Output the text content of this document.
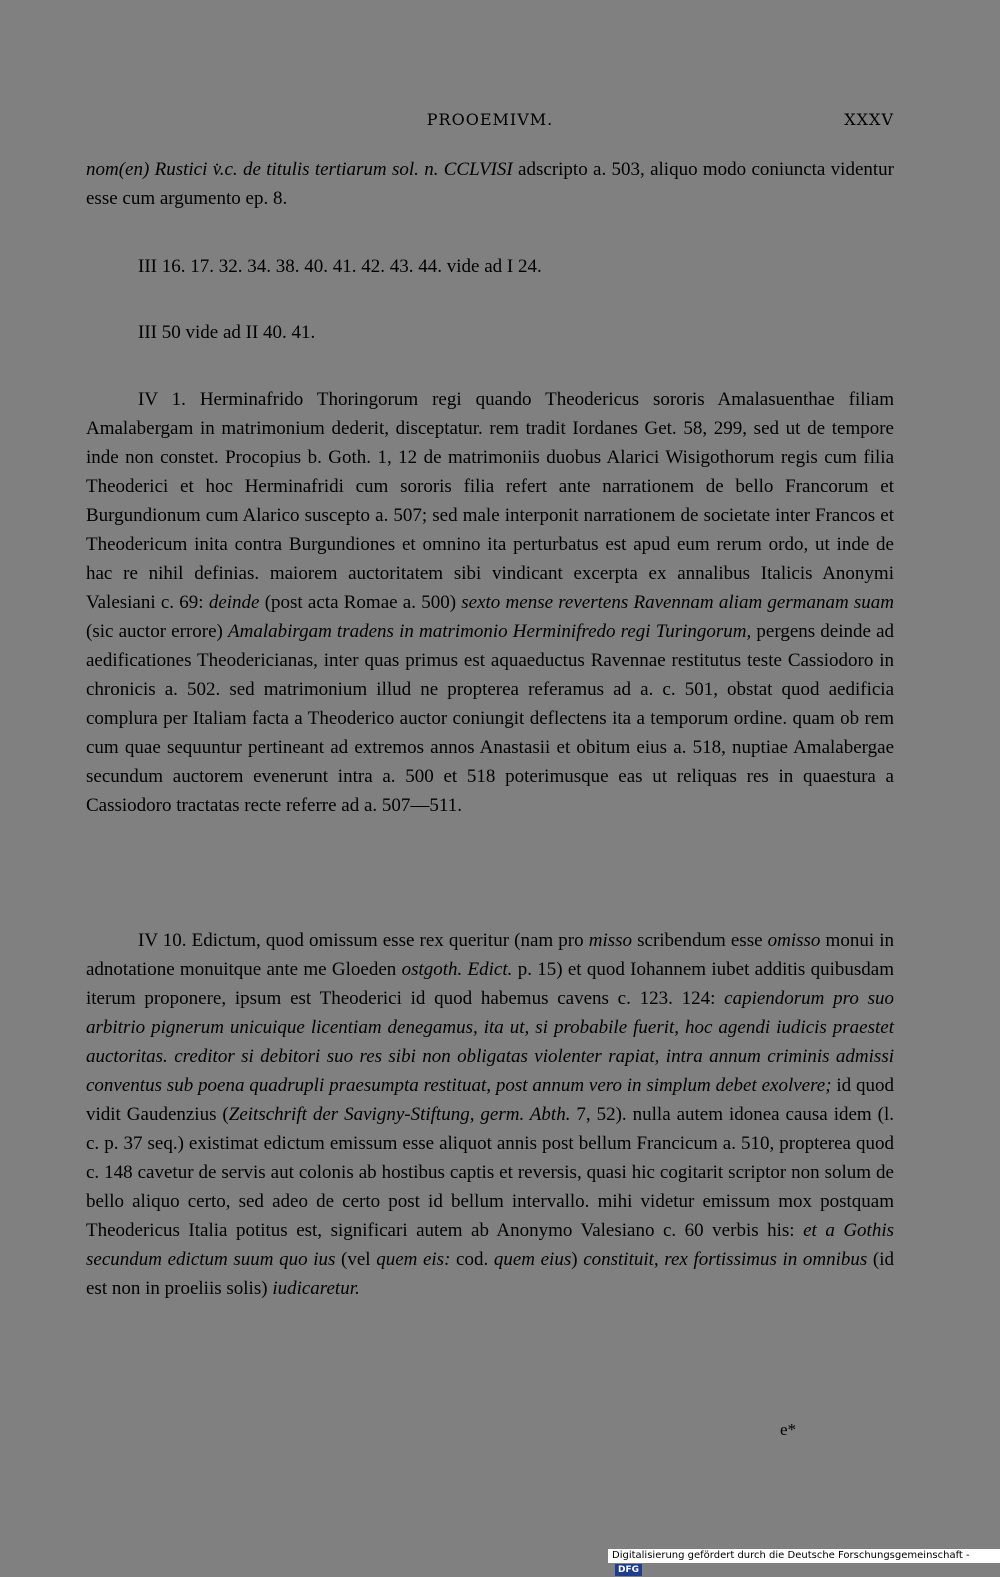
PROOEMIVM.	XXXV

nom(en) Rustici v̇.c. de titulis tertiarum sol. n. CCLVISI adscripto a. 503, aliquo modo coniuncta videntur esse cum argumento ep. 8.

III 16. 17. 32. 34. 38. 40. 41. 42. 43. 44. vide ad I 24.

III 50 vide ad II 40. 41.

IV 1. Herminafrido Thoringorum regi quando Theodericus sororis Amalasuenthae filiam Amalabergam in matrimonium dederit, disceptatur. rem tradit Iordanes Get. 58, 299, sed ut de tempore inde non constet. Procopius b. Goth. 1, 12 de matrimoniis duobus Alarici Wisigothorum regis cum filia Theoderici et hoc Herminafridi cum sororis filia refert ante narrationem de bello Francorum et Burgundionum cum Alarico suscepto a. 507; sed male interponit narrationem de societate inter Francos et Theodericum inita contra Burgundiones et omnino ita perturbatus est apud eum rerum ordo, ut inde de hac re nihil definias. maiorem auctoritatem sibi vindicant excerpta ex annalibus Italicis Anonymi Valesiani c. 69: deinde (post acta Romae a. 500) sexto mense revertens Ravennam aliam germanam suam (sic auctor errore) Amalabirgam tradens in matrimonio Herminifredo regi Turingorum, pergens deinde ad aedificationes Theodericianas, inter quas primus est aquaeductus Ravennae restitutus teste Cassiodoro in chronicis a. 502. sed matrimonium illud ne propterea referamus ad a. c. 501, obstat quod aedificia complura per Italiam facta a Theoderico auctor coniungit deflectens ita a temporum ordine. quam ob rem cum quae sequuntur pertineant ad extremos annos Anastasii et obitum eius a. 518, nuptiae Amalabergae secundum auctorem evenerunt intra a. 500 et 518 poterimusque eas ut reliquas res in quaestura a Cassiodoro tractatas recte referre ad a. 507—511.

IV 10. Edictum, quod omissum esse rex queritur (nam pro misso scribendum esse omisso monui in adnotatione monuitque ante me Gloeden ostgoth. Edict. p. 15) et quod Iohannem iubet additis quibusdam iterum proponere, ipsum est Theoderici id quod habemus cavens c. 123. 124: capiendorum pro suo arbitrio pignerum unicuique licentiam denegamus, ita ut, si probabile fuerit, hoc agendi iudicis praestet auctoritas. creditor si debitori suo res sibi non obligatas violenter rapiat, intra annum criminis admissi conventus sub poena quadrupli praesumpta restituat, post annum vero in simplum debet exolvere; id quod vidit Gaudenzius (Zeitschrift der Savigny-Stiftung, germ. Abth. 7, 52). nulla autem idonea causa idem (l. c. p. 37 seq.) existimat edictum emissum esse aliquot annis post bellum Francicum a. 510, propterea quod c. 148 cavetur de servis aut colonis ab hostibus captis et reversis, quasi hic cogitarit scriptor non solum de bello aliquo certo, sed adeo de certo post id bellum intervallo. mihi videtur emissum mox postquam Theodericus Italia potitus est, significari autem ab Anonymo Valesiano c. 60 verbis his: et a Gothis secundum edictum suum quo ius (vel quem eis: cod. quem eius) constituit, rex fortissimus in omnibus (id est non in proeliis solis) iudicaretur.

e*
Digitalisierung gefördert durch die Deutsche Forschungsgemeinschaft -DFG
